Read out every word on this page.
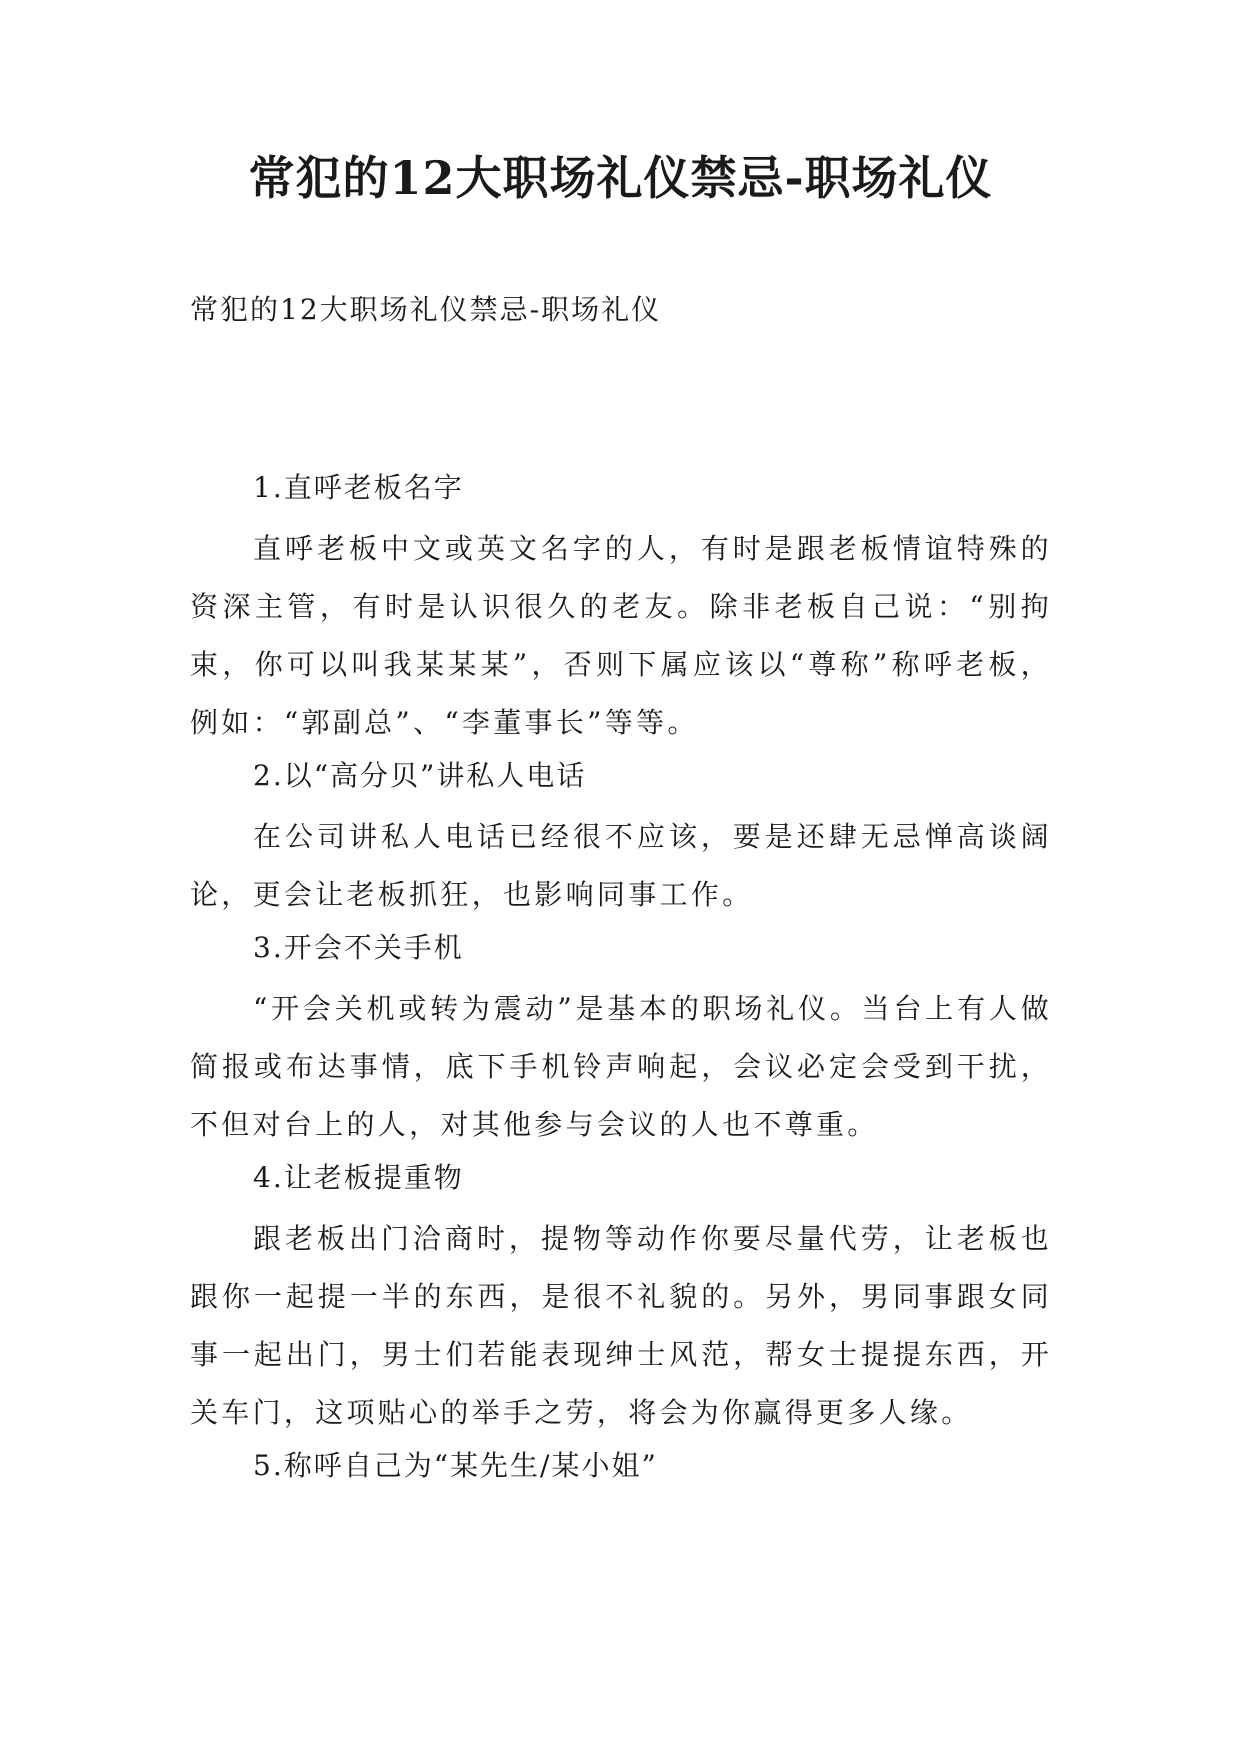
常犯的12大职场礼仪禁忌-职场礼仪

常犯的12大职场礼仪禁忌-职场礼仪

1.直呼老板名字

直呼老板中文或英文名字的人，有时是跟老板情谊特殊的资深主管，有时是认识很久的老友。除非老板自己说：“别拘束，你可以叫我某某某”，否则下属应该以“尊称”称呼老板，例如：“郭副总”、“李董事长”等等。

2.以“高分贝”讲私人电话

在公司讲私人电话已经很不应该，要是还肆无忌惮高谈阔论，更会让老板抓狂，也影响同事工作。

3.开会不关手机

“开会关机或转为震动”是基本的职场礼仪。当台上有人做简报或布达事情，底下手机铃声响起，会议必定会受到干扰，不但对台上的人，对其他参与会议的人也不尊重。

4.让老板提重物

跟老板出门洽商时，提物等动作你要尽量代劳，让老板也跟你一起提一半的东西，是很不礼貌的。另外，男同事跟女同事一起出门，男士们若能表现绅士风范，帮女士提提东西，开关车门，这项贴心的举手之劳，将会为你赢得更多人缘。

5.称呼自己为“某先生/某小姐”
